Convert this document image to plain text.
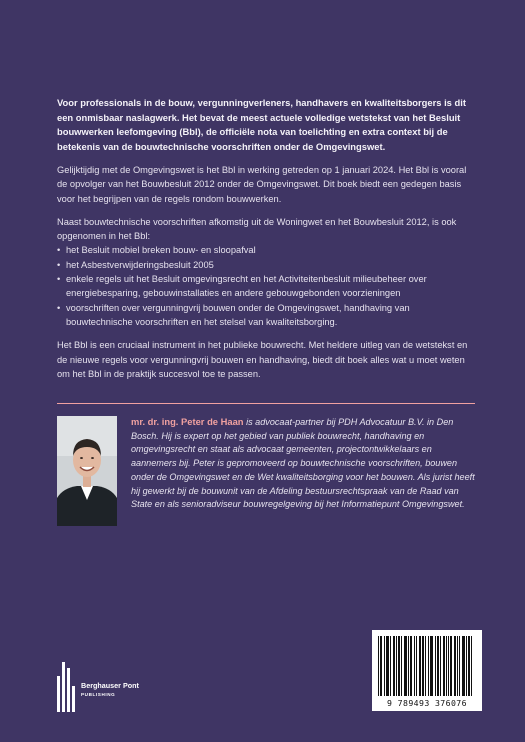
Voor professionals in de bouw, vergunningverleners, handhavers en kwaliteitsborgers is dit een onmisbaar naslagwerk. Het bevat de meest actuele volledige wetstekst van het Besluit bouwwerken leefomgeving (Bbl), de officiële nota van toelichting en extra context bij de betekenis van de bouwtechnische voorschriften onder de Omgevingswet.

Gelijktijdig met de Omgevingswet is het Bbl in werking getreden op 1 januari 2024. Het Bbl is vooral de opvolger van het Bouwbesluit 2012 onder de Omgevingswet. Dit boek biedt een gedegen basis voor het begrijpen van de regels rondom bouwwerken.

Naast bouwtechnische voorschriften afkomstig uit de Woningwet en het Bouwbesluit 2012, is ook opgenomen in het Bbl:

• het Besluit mobiel breken bouw- en sloopafval
• het Asbestverwijderingsbesluit 2005
• enkele regels uit het Besluit omgevingsrecht en het Activiteitenbesluit milieubeheer over energiebesparing, gebouwinstallaties en andere gebouwgebonden voorzieningen
• voorschriften over vergunningvrij bouwen onder de Omgevingswet, handhaving van bouwtechnische voorschriften en het stelsel van kwaliteitsborging.

Het Bbl is een cruciaal instrument in het publieke bouwrecht. Met heldere uitleg van de wetstekst en de nieuwe regels voor vergunningvrij bouwen en handhaving, biedt dit boek alles wat u moet weten om het Bbl in de praktijk succesvol toe te passen.

mr. dr. ing. Peter de Haan is advocaat-partner bij PDH Advocatuur B.V. in Den Bosch. Hij is expert op het gebied van publiek bouwrecht, handhaving en omgevingsrecht en staat als advocaat gemeenten, projectontwikkelaars en aannemers bij. Peter is gepromoveerd op bouwtechnische voorschriften, bouwen onder de Omgevingswet en de Wet kwaliteitsborging voor het bouwen. Als jurist heeft hij gewerkt bij de bouwunit van de Afdeling bestuursrechtspraak van de Raad van State en als senioradviseur bouwregelgeving bij het Informatiepunt Omgevingswet.
Berghauser Pont
PUBLISHING
9 789493 376076
